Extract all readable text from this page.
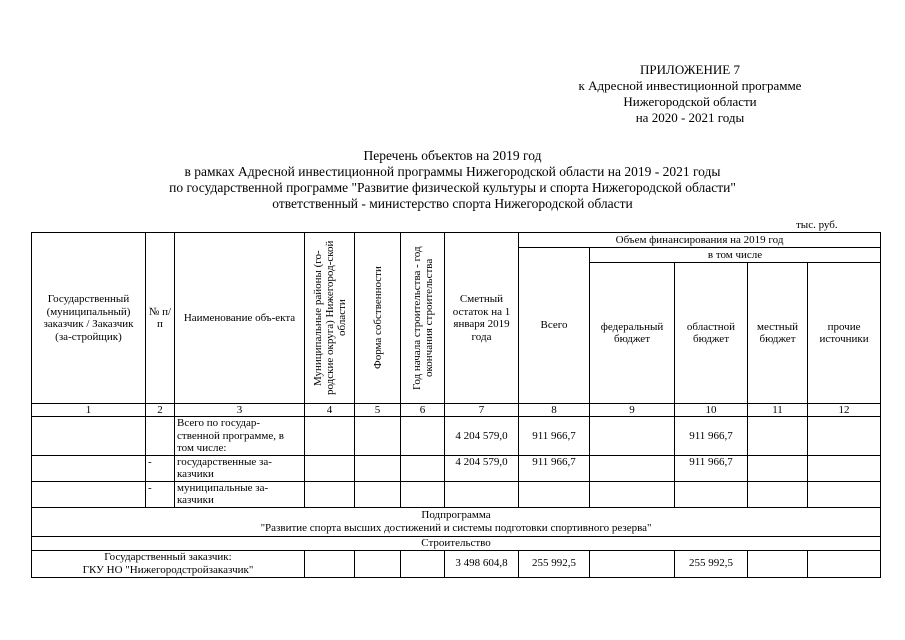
ПРИЛОЖЕНИЕ 7
к Адресной инвестиционной программе
Нижегородской области
на 2020 - 2021 годы
Перечень объектов на 2019 год
в рамках Адресной инвестиционной программы Нижегородской области на 2019 - 2021 годы
по государственной программе "Развитие физической культуры и спорта Нижегородской области"
ответственный - министерство спорта Нижегородской области
тыс. руб.
Государственный (муниципальный) заказчик / Заказчик (за-стройщик)	№ п/п	Наименование объ-екта	Муниципальные районы (го-родские округа) Нижегород-ской области	Форма собственности	Год начала строительства - год окончания строительства	Сметный остаток на 1 января 2019 года	Объем финансирования на 2019 год				
							Всего	в том числе			
								федеральный бюджет	областной бюджет	местный бюджет	прочие источники
1	2	3	4	5	6	7	8	9	10	11	12
		Всего по государ-ственной программе, в том числе:				4 204 579,0	911 966,7		911 966,7		
	-	государственные за-казчики				4 204 579,0	911 966,7		911 966,7		
	-	муниципальные за-казчики									

Подпрограмма
"Развитие спорта высших достижений и системы подготовки спортивного резерва"											

Строительство											

Государственный заказчик:
ГКУ НО "Нижегородстройзаказчик"						3 498 604,8	255 992,5		255 992,5		
